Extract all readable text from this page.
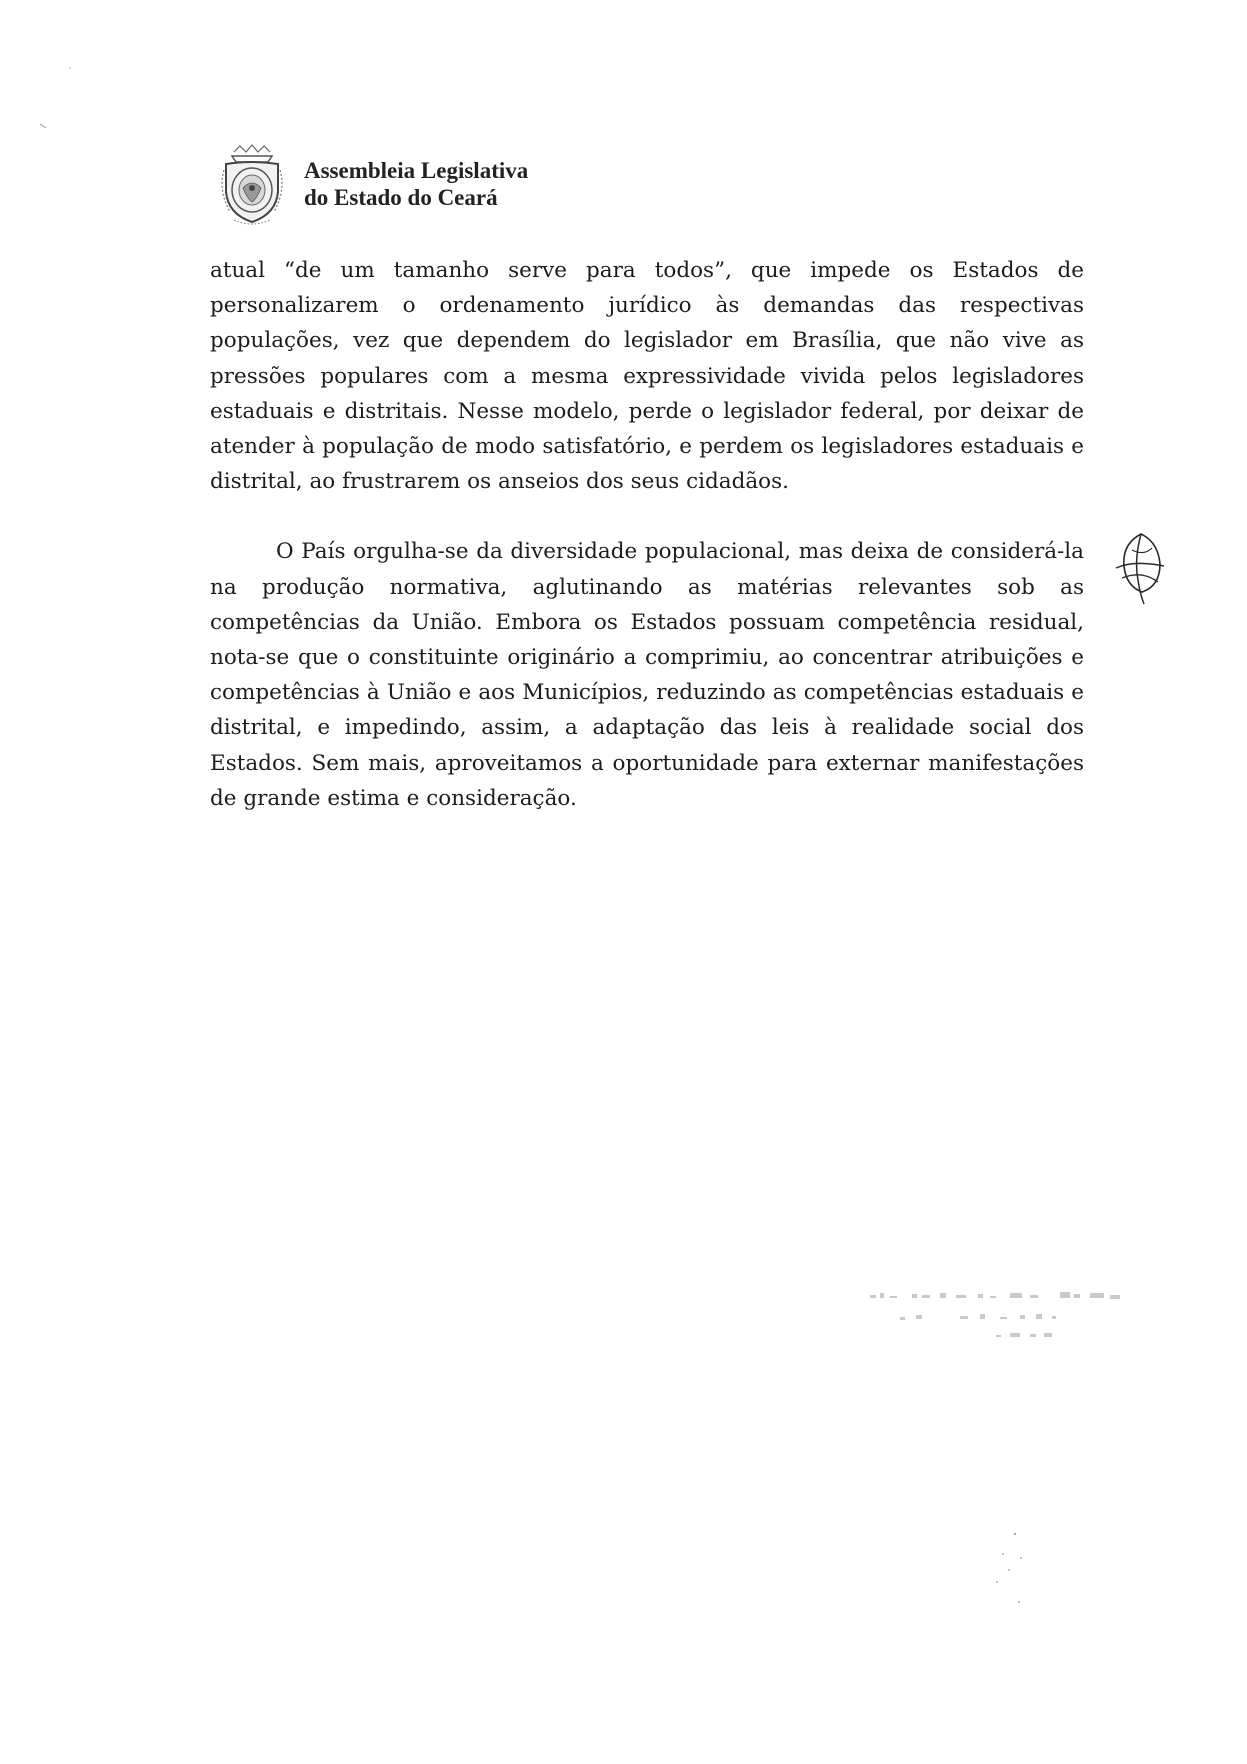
Assembleia Legislativa
do Estado do Ceará

atual “de um tamanho serve para todos”, que impede os Estados de personalizarem o ordenamento jurídico às demandas das respectivas populações, vez que dependem do legislador em Brasília, que não vive as pressões populares com a mesma expressividade vivida pelos legisladores estaduais e distritais. Nesse modelo, perde o legislador federal, por deixar de atender à população de modo satisfatório, e perdem os legisladores estaduais e distrital, ao frustrarem os anseios dos seus cidadãos.

O País orgulha-se da diversidade populacional, mas deixa de considerá-la na produção normativa, aglutinando as matérias relevantes sob as competências da União. Embora os Estados possuam competência residual, nota-se que o constituinte originário a comprimiu, ao concentrar atribuições e competências à União e aos Municípios, reduzindo as competências estaduais e distrital, e impedindo, assim, a adaptação das leis à realidade social dos Estados. Sem mais, aproveitamos a oportunidade para externar manifestações de grande estima e consideração.
